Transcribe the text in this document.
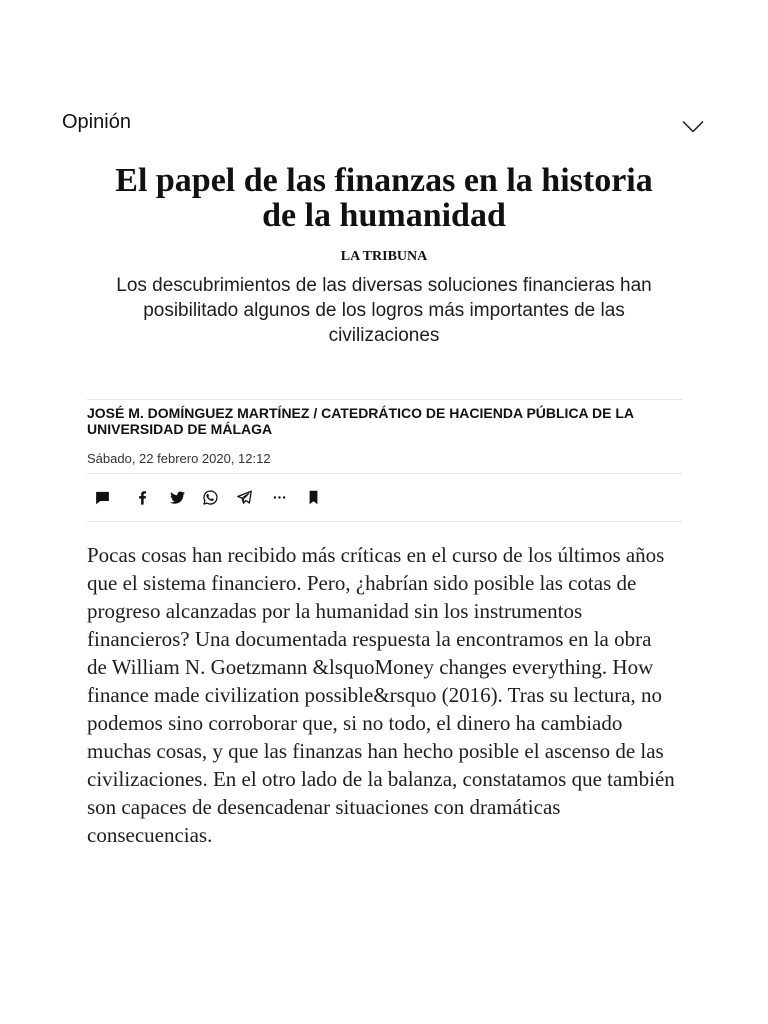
Opinión
El papel de las finanzas en la historia de la humanidad
LA TRIBUNA

Los descubrimientos de las diversas soluciones financieras han posibilitado algunos de los logros más importantes de las civilizaciones

JOSÉ M. DOMÍNGUEZ MARTÍNEZ / CATEDRÁTICO DE HACIENDA PÚBLICA DE LA UNIVERSIDAD DE MÁLAGA
Sábado, 22 febrero 2020, 12:12
Pocas cosas han recibido más críticas en el curso de los últimos años
que el sistema financiero. Pero, ¿habrían sido posible las cotas de
progreso alcanzadas por la humanidad sin los instrumentos
financieros? Una documentada respuesta la encontramos en la obra
de William N. Goetzmann &lsquoMoney changes everything. How
finance made civilization possible&rsquo (2016). Tras su lectura, no
podemos sino corroborar que, si no todo, el dinero ha cambiado
muchas cosas, y que las finanzas han hecho posible el ascenso de las
civilizaciones. En el otro lado de la balanza, constatamos que también
son capaces de desencadenar situaciones con dramáticas
consecuencias.
